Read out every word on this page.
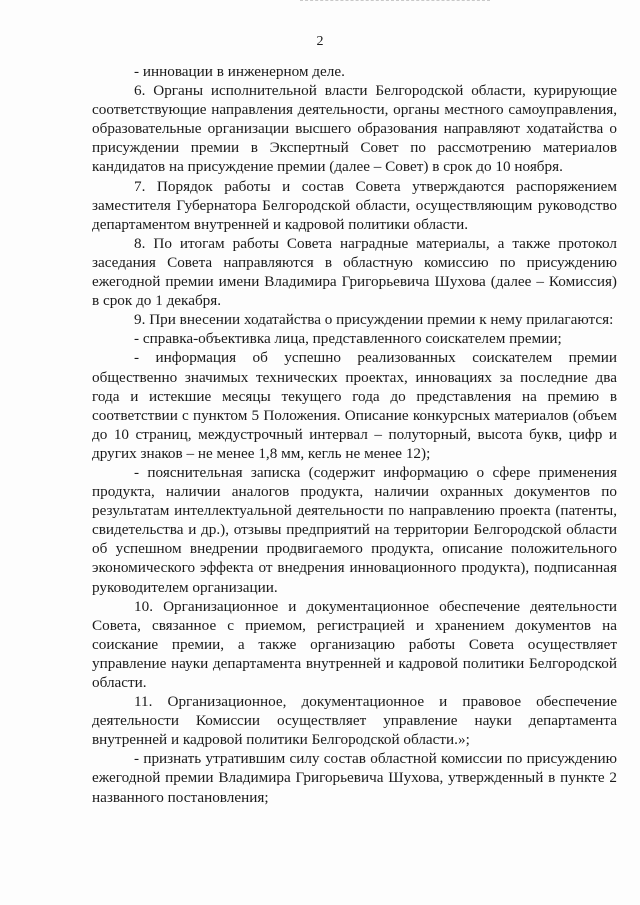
2

- инновации в инженерном деле.

6. Органы исполнительной власти Белгородской области, курирующие соответствующие направления деятельности, органы местного самоуправления, образовательные организации высшего образования направляют ходатайства о присуждении премии в Экспертный Совет по рассмотрению материалов кандидатов на присуждение премии (далее – Совет) в срок до 10 ноября.

7. Порядок работы и состав Совета утверждаются распоряжением заместителя Губернатора Белгородской области, осуществляющим руководство департаментом внутренней и кадровой политики области.

8. По итогам работы Совета наградные материалы, а также протокол заседания Совета направляются в областную комиссию по присуждению ежегодной премии имени Владимира Григорьевича Шухова (далее – Комиссия) в срок до 1 декабря.

9. При внесении ходатайства о присуждении премии к нему прилагаются:

- справка-объективка лица, представленного соискателем премии;

- информация об успешно реализованных соискателем премии общественно значимых технических проектах, инновациях за последние два года и истекшие месяцы текущего года до представления на премию в соответствии с пунктом 5 Положения. Описание конкурсных материалов (объем до 10 страниц, междустрочный интервал – полуторный, высота букв, цифр и других знаков – не менее 1,8 мм, кегль не менее 12);

- пояснительная записка (содержит информацию о сфере применения продукта, наличии аналогов продукта, наличии охранных документов по результатам интеллектуальной деятельности по направлению проекта (патенты, свидетельства и др.), отзывы предприятий на территории Белгородской области об успешном внедрении продвигаемого продукта, описание положительного экономического эффекта от внедрения инновационного продукта), подписанная руководителем организации.

10. Организационное и документационное обеспечение деятельности Совета, связанное с приемом, регистрацией и хранением документов на соискание премии, а также организацию работы Совета осуществляет управление науки департамента внутренней и кадровой политики Белгородской области.

11. Организационное, документационное и правовое обеспечение деятельности Комиссии осуществляет управление науки департамента внутренней и кадровой политики Белгородской области.»;

- признать утратившим силу состав областной комиссии по присуждению ежегодной премии Владимира Григорьевича Шухова, утвержденный в пункте 2 названного постановления;
